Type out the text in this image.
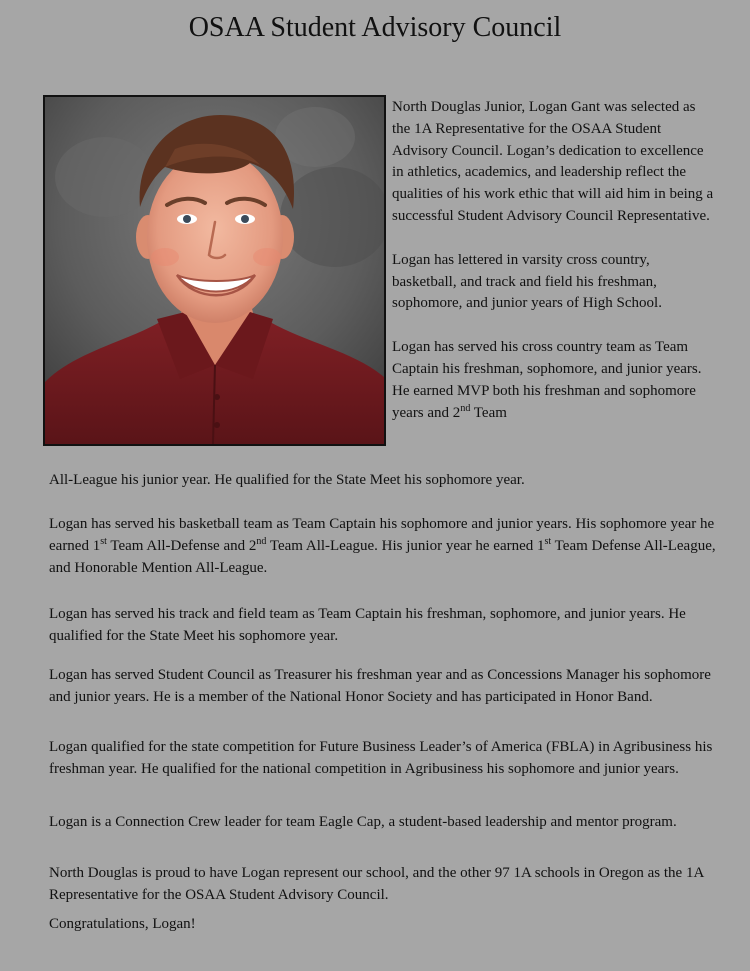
OSAA Student Advisory Council

North Douglas Junior, Logan Gant was selected as the 1A Representative for the OSAA Student Advisory Council. Logan’s dedication to excellence in athletics, academics, and leadership reflect the qualities of his work ethic that will aid him in being a successful Student Advisory Council Representative.

Logan has lettered in varsity cross country, basketball, and track and field his freshman, sophomore, and junior years of High School.

Logan has served his cross country team as Team Captain his freshman, sophomore, and junior years. He earned MVP both his freshman and sophomore years and 2nd Team

All-League his junior year. He qualified for the State Meet his sophomore year.

Logan has served his basketball team as Team Captain his sophomore and junior years. His sophomore year he earned 1st Team All-Defense and 2nd Team All-League. His junior year he earned 1st Team Defense All-League, and Honorable Mention All-League.

Logan has served his track and field team as Team Captain his freshman, sophomore, and junior years. He qualified for the State Meet his sophomore year.

Logan has served Student Council as Treasurer his freshman year and as Concessions Manager his sophomore and junior years. He is a member of the National Honor Society and has participated in Honor Band.

Logan qualified for the state competition for Future Business Leader’s of America (FBLA) in Agribusiness his freshman year. He qualified for the national competition in Agribusiness his sophomore and junior years.

Logan is a Connection Crew leader for team Eagle Cap, a student-based leadership and mentor program.

North Douglas is proud to have Logan represent our school, and the other 97 1A schools in Oregon as the 1A Representative for the OSAA Student Advisory Council.

Congratulations, Logan!
